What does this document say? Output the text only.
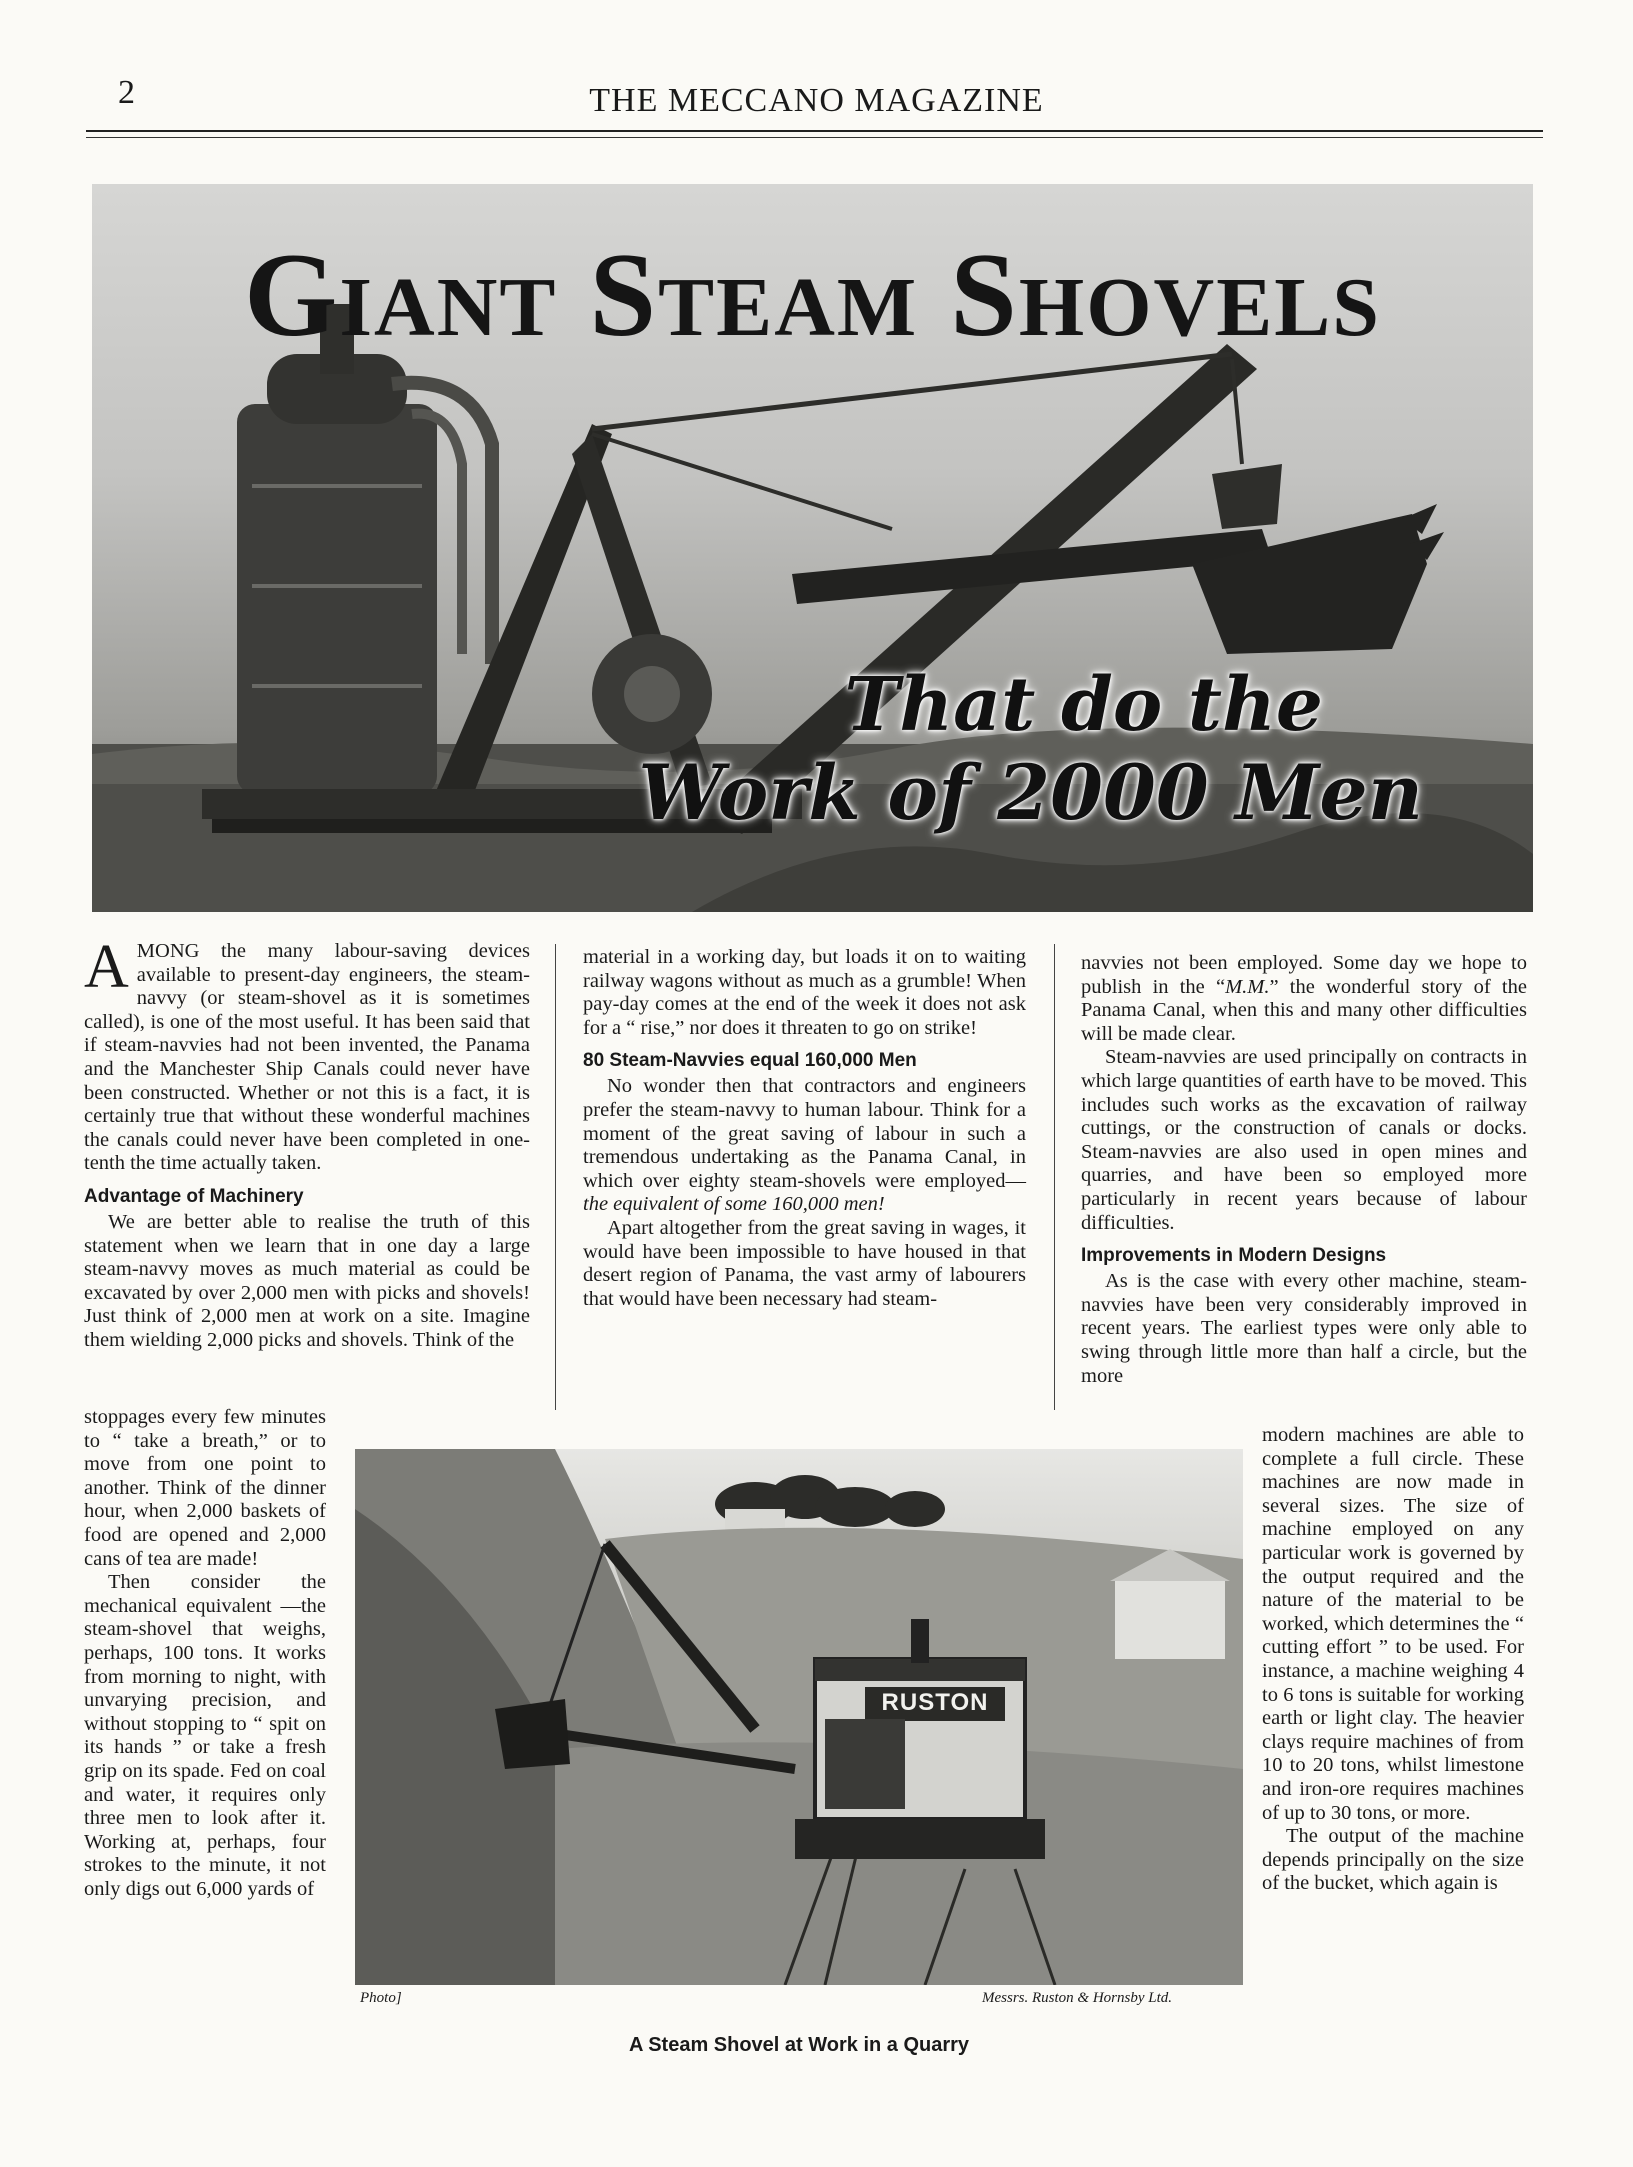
2	THE MECCANO MAGAZINE
Giant Steam Shovels
That do the
Work of 2000 Men

AMONG the many labour-saving devices available to present-day engineers, the steam-navvy (or steam-shovel as it is sometimes called), is one of the most useful. It has been said that if steam-navvies had not been invented, the Panama and the Manchester Ship Canals could never have been constructed. Whether or not this is a fact, it is certainly true that without these wonderful machines the canals could never have been completed in one-tenth the time actually taken.

Advantage of Machinery

We are better able to realise the truth of this statement when we learn that in one day a large steam-navvy moves as much material as could be excavated by over 2,000 men with picks and shovels! Just think of 2,000 men at work on a site. Imagine them wielding 2,000 picks and shovels. Think of the

stoppages every few minutes to “ take a breath,” or to move from one point to another. Think of the dinner hour, when 2,000 baskets of food are opened and 2,000 cans of tea are made!

Then consider the mechanical equivalent —the steam-shovel that weighs, perhaps, 100 tons. It works from morning to night, with unvarying precision, and without stopping to “ spit on its hands ” or take a fresh grip on its spade. Fed on coal and water, it requires only three men to look after it. Working at, perhaps, four strokes to the minute, it not only digs out 6,000 yards of

material in a working day, but loads it on to waiting railway wagons without as much as a grumble! When pay-day comes at the end of the week it does not ask for a “ rise,” nor does it threaten to go on strike!

80 Steam-Navvies equal 160,000 Men

No wonder then that contractors and engineers prefer the steam-navvy to human labour. Think for a moment of the great saving of labour in such a tremendous undertaking as the Panama Canal, in which over eighty steam-shovels were employed—the equivalent of some 160,000 men!

Apart altogether from the great saving in wages, it would have been impossible to have housed in that desert region of Panama, the vast army of labourers that would have been necessary had steam-

navvies not been employed. Some day we hope to publish in the “M.M.” the wonderful story of the Panama Canal, when this and many other difficulties will be made clear.

Steam-navvies are used principally on contracts in which large quantities of earth have to be moved. This includes such works as the excavation of railway cuttings, or the construction of canals or docks. Steam-navvies are also used in open mines and quarries, and have been so employed more particularly in recent years because of labour difficulties.

Improvements in Modern Designs

As is the case with every other machine, steam-navvies have been very considerably improved in recent years. The earliest types were only able to swing through little more than half a circle, but the more

modern machines are able to complete a full circle. These machines are now made in several sizes. The size of machine employed on any particular work is governed by the output required and the nature of the material to be worked, which determines the “ cutting effort ” to be used. For instance, a machine weighing 4 to 6 tons is suitable for working earth or light clay. The heavier clays require machines of from 10 to 20 tons, whilst limestone and iron-ore requires machines of up to 30 tons, or more.

The output of the machine depends principally on the size of the bucket, which again is

RUSTON
Photo]	Messrs. Ruston & Hornsby Ltd.
A Steam Shovel at Work in a Quarry
